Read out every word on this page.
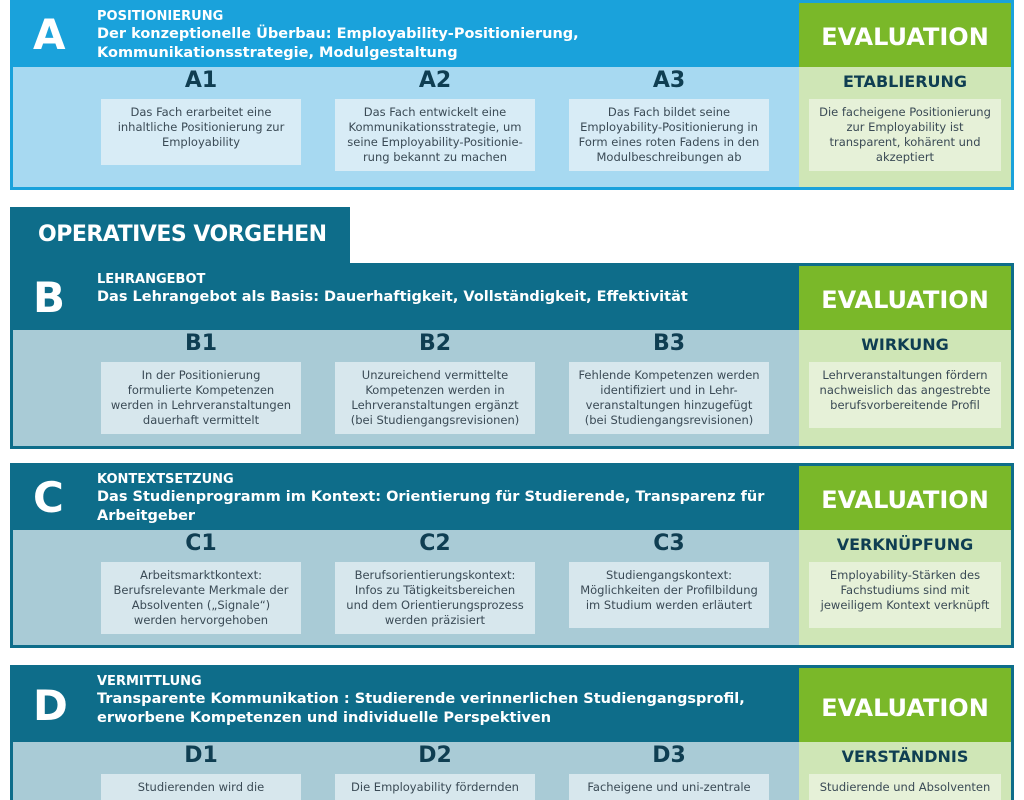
A POSITIONIERUNG
Der konzeptionelle Überbau: Employability-Positionierung, Kommunikationsstrategie, Modulgestaltung
A1
Das Fach erarbeitet eine inhaltliche Positionierung zur Employability
A2
Das Fach entwickelt eine Kommunikationsstrategie, um seine Employability-Positionie-rung bekannt zu machen
A3
Das Fach bildet seine Employability-Positionierung in Form eines roten Fadens in den Modulbeschreibungen ab
EVALUATION
ETABLIERUNG
Die facheigene Positionierung zur Employability ist transparent, kohärent und akzeptiert
OPERATIVES VORGEHEN
B LEHRANGEBOT
Das Lehrangebot als Basis: Dauerhaftigkeit, Vollständigkeit, Effektivität
B1
In der Positionierung formulierte Kompetenzen werden in Lehrveranstaltungen dauerhaft vermittelt
B2
Unzureichend vermittelte Kompetenzen werden in Lehrveranstaltungen ergänzt (bei Studiengangsrevisionen)
B3
Fehlende Kompetenzen werden identifiziert und in Lehr-veranstaltungen hinzugefügt (bei Studiengangsrevisionen)
EVALUATION
WIRKUNG
Lehrveranstaltungen fördern nachweislich das angestrebte berufsvorbereitende Profil
C	KONTEXTSETZUNG
Das Studienprogramm im Kontext: Orientierung für Studierende, Transparenz für Arbeitgeber
C1
Arbeitsmarktkontext: Berufsrelevante Merkmale der Absolventen („Signale“) werden hervorgehoben
C2
Berufsorientierungskontext: Infos zu Tätigkeitsbereichen und dem Orientierungsprozess werden präzisiert
C3
Studiengangskontext: Möglichkeiten der Profilbildung im Studium werden erläutert
EVALUATION
VERKNÜPFUNG
Employability-Stärken des Fachstudiums sind mit jeweiligem Kontext verknüpft
D VERMITTLUNG
Transparente Kommunikation : Studierende verinnerlichen Studiengangsprofil, erworbene Kompetenzen und individuelle Perspektiven
D1
Studierenden wird die
D2
Die Employability fördernden
D3
Facheigene und uni-zentrale
EVALUATION
VERSTÄNDNIS
Studierende und Absolventen
